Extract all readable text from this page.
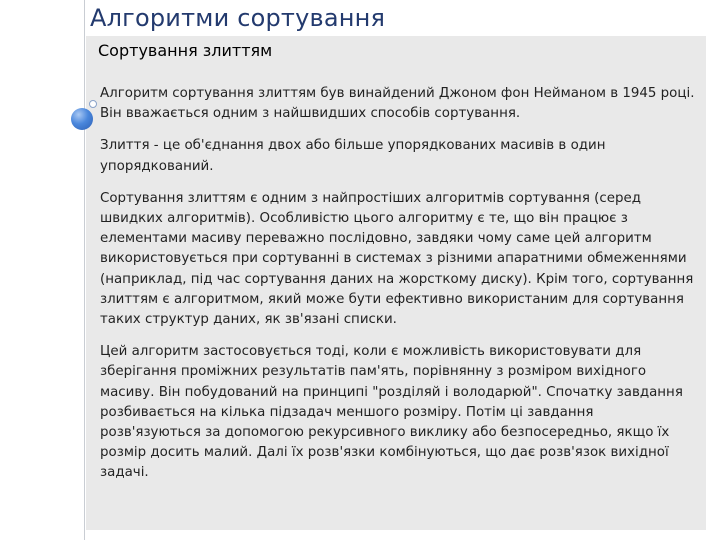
Алгоритми сортування
Сортування злиттям

Алгоритм сортування злиттям був винайдений Джоном фон Нейманом в 1945 році. Він вважається одним з найшвидших способів сортування.

Злиття - це об'єднання двох або більше упорядкованих масивів в один упорядкований.

Сортування злиттям є одним з найпростіших алгоритмів сортування (серед швидких алгоритмів). Особливістю цього алгоритму є те, що він працює з елементами масиву переважно послідовно, завдяки чому саме цей алгоритм використовується при сортуванні в системах з різними апаратними обмеженнями (наприклад, під час сортування даних на жорсткому диску). Крім того, сортування злиттям є алгоритмом, який може бути ефективно використаним для сортування таких структур даних, як зв'язані списки.

Цей алгоритм застосовується тоді, коли є можливість використовувати для зберігання проміжних результатів пам'ять, порівнянну з розміром вихідного масиву. Він побудований на принципі "розділяй і володарюй". Спочатку завдання розбивається на кілька підзадач меншого розміру. Потім ці завдання розв'язуються за допомогою рекурсивного виклику або безпосередньо, якщо їх розмір досить малий. Далі їх розв'язки комбінуються, що дає розв'язок вихідної задачі.
